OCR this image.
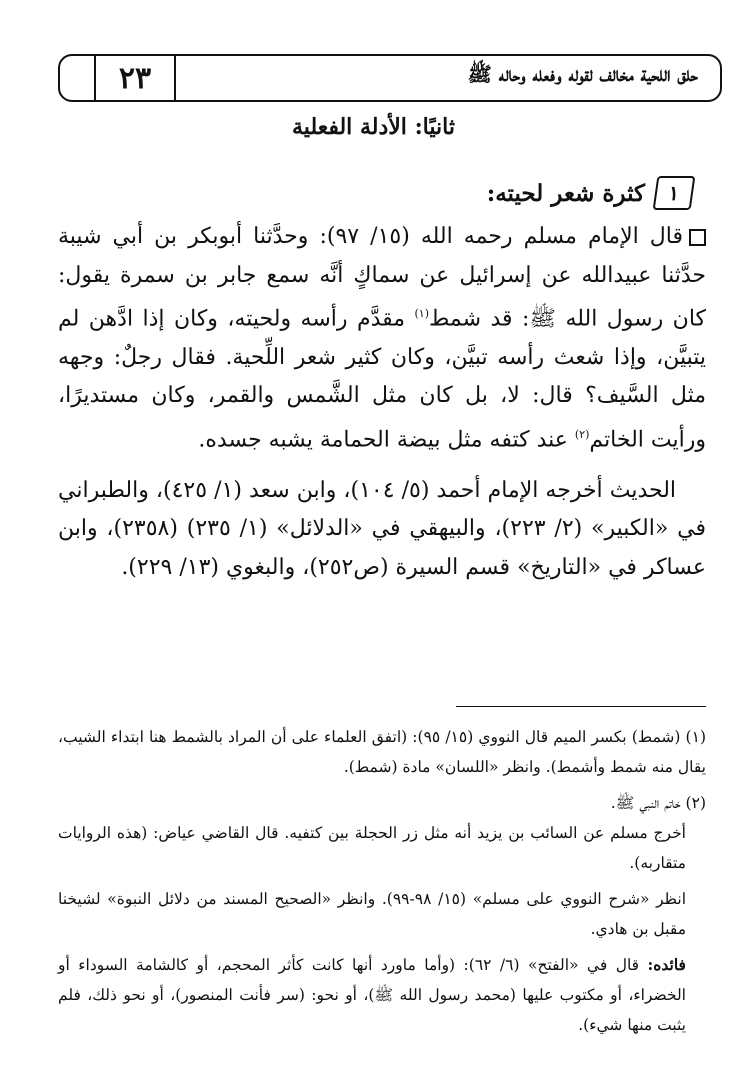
٢٣	حلق اللحية مخالف لقوله وفعله وحاله ﷺ
ثانيًا: الأدلة الفعلية
١
كثرة شعر لحيته:

قال الإمام مسلم رحمه الله (١٥/ ٩٧): وحدَّثنا أبوبكر بن أبي شيبة حدَّثنا عبيدالله عن إسرائيل عن سماكٍ أنَّه سمع جابر بن سمرة يقول: كان رسول الله ﷺ: قد شمط$^{(١)}$ مقدَّم رأسه ولحيته، وكان إذا ادَّهن لم يتبيَّن، وإذا شعث رأسه تبيَّن، وكان كثير شعر اللِّحية. فقال رجلٌ: وجهه مثل السَّيف؟ قال: لا، بل كان مثل الشَّمس والقمر، وكان مستديرًا، ورأيت الخاتم$^{(٢)}$ عند كتفه مثل بيضة الحمامة يشبه جسده.

الحديث أخرجه الإمام أحمد (٥/ ١٠٤)، وابن سعد (١/ ٤٢٥)، والطبراني في «الكبير» (٢/ ٢٢٣)، والبيهقي في «الدلائل» (١/ ٢٣٥) (٢٣٥٨)، وابن عساكر في «التاريخ» قسم السيرة (ص٢٥٢)، والبغوي (١٣/ ٢٢٩).

(١) (شمط) بكسر الميم قال النووي (١٥/ ٩٥): (اتفق العلماء على أن المراد بالشمط هنا ابتداء الشيب، يقال منه شمط وأشمط). وانظر «اللسان» مادة (شمط).

(٢) خاتم النبي ﷺ.

أخرج مسلم عن السائب بن يزيد أنه مثل زر الحجلة بين كتفيه. قال القاضي عياض: (هذه الروايات متقاربه).

انظر «شرح النووي على مسلم» (١٥/ ٩٨-٩٩). وانظر «الصحيح المسند من دلائل النبوة» لشيخنا مقبل بن هادي.

فائده: قال في «الفتح» (٦/ ٦٢): (وأما ماورد أنها كانت كأثر المحجم، أو كالشامة السوداء أو الخضراء، أو مكتوب عليها (محمد رسول الله ﷺ)، أو نحو: (سر فأنت المنصور)، أو نحو ذلك، فلم يثبت منها شيء).
